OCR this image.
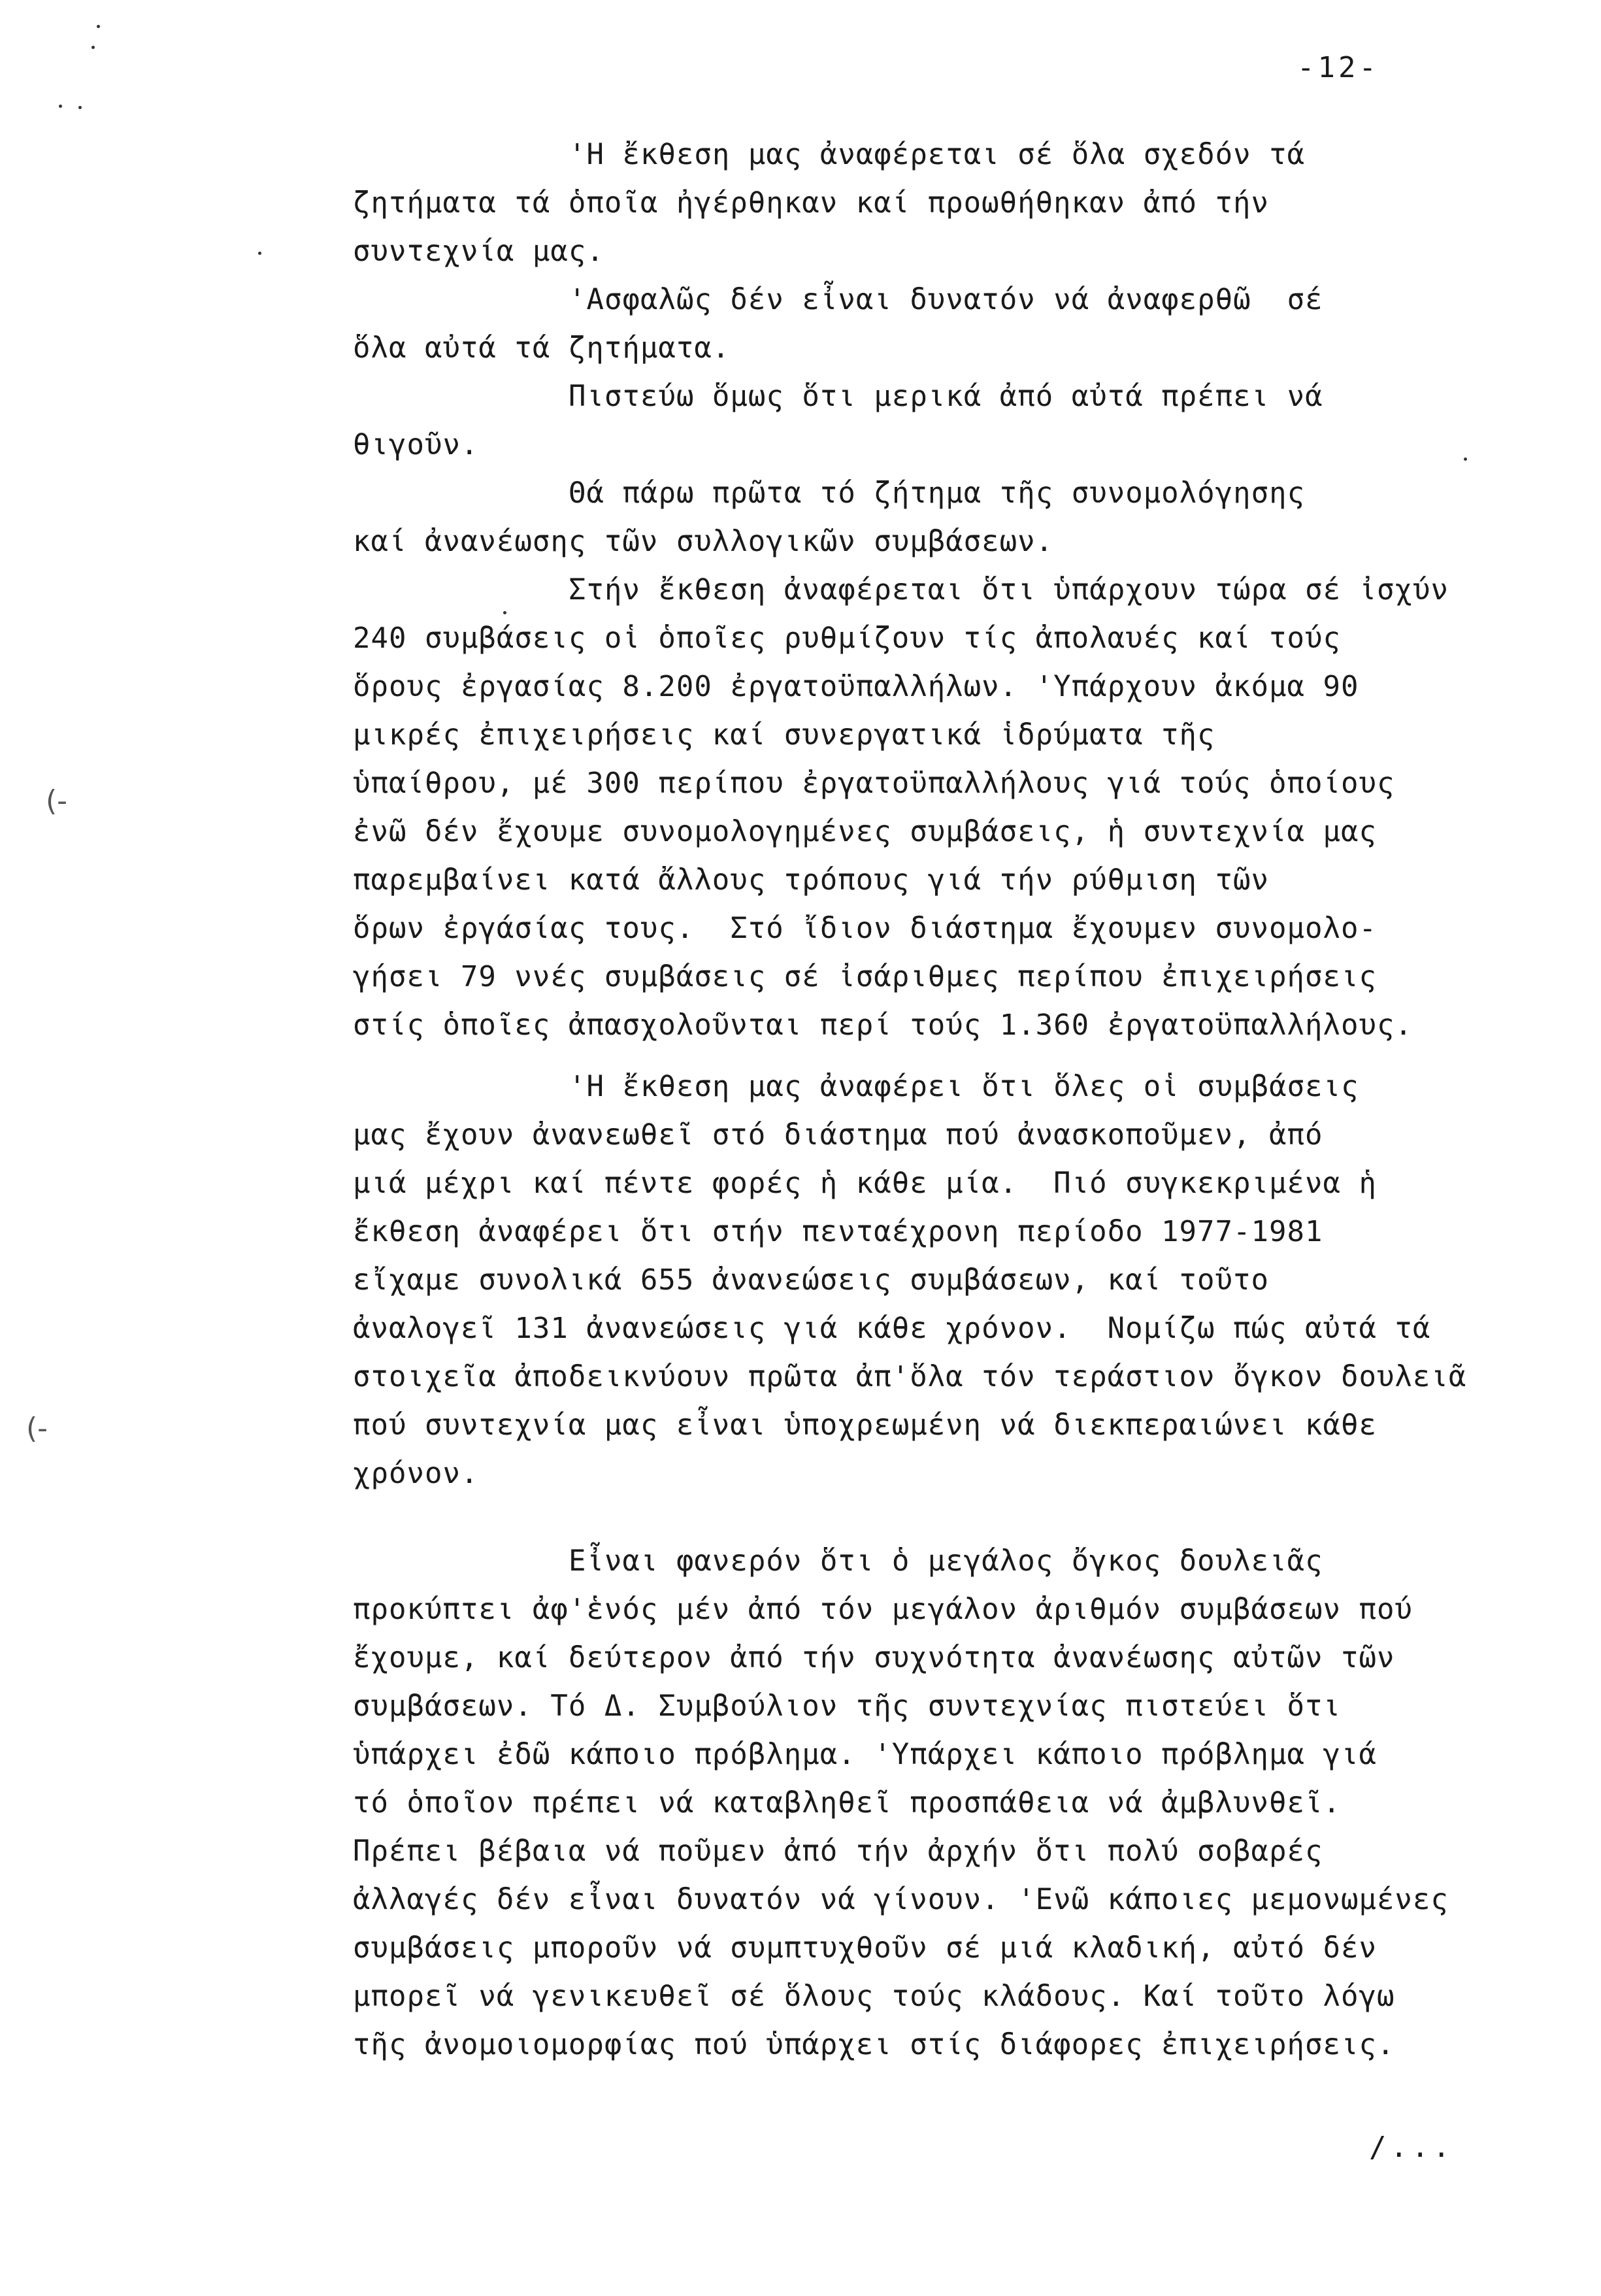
(-
(-
-12-
'Η ἔκθεση μας ἀναφέρεται σέ ὅλα σχεδόν τά
ζητήματα τά ὁποῖα ἠγέρθηκαν καί προωθήθηκαν ἀπό τήν
συντεχνία μας.
'Ασφαλῶς δέν εἶναι δυνατόν νά ἀναφερθῶ  σέ
ὅλα αὐτά τά ζητήματα.
Πιστεύω ὅμως ὅτι μερικά ἀπό αὐτά πρέπει νά
θιγοῦν.
Θά πάρω πρῶτα τό ζήτημα τῆς συνομολόγησης
καί ἀνανέωσης τῶν συλλογικῶν συμβάσεων.
Στήν ἔκθεση ἀναφέρεται ὅτι ὑπάρχουν τώρα σέ ἰσχύν
240 συμβάσεις οἱ ὁποῖες ρυθμίζουν τίς ἀπολαυές καί τούς
ὅρους ἐργασίας 8.200 ἐργατοϋπαλλήλων. 'Υπάρχουν ἀκόμα 90
μικρές ἐπιχειρήσεις καί συνεργατικά ἱδρύματα τῆς
ὑπαίθρου, μέ 300 περίπου ἐργατοϋπαλλήλους γιά τούς ὁποίους
ἐνῶ δέν ἔχουμε συνομολογημένες συμβάσεις, ἡ συντεχνία μας
παρεμβαίνει κατά ἄλλους τρόπους γιά τήν ρύθμιση τῶν
ὅρων ἐργάσίας τους.  Στό ἴδιον διάστημα ἔχουμεν συνομολο-
γήσει 79 ννές συμβάσεις σέ ἰσάριθμες περίπου ἐπιχειρήσεις
στίς ὁποῖες ἀπασχολοῦνται περί τούς 1.360 ἐργατοϋπαλλήλους.
'Η ἔκθεση μας ἀναφέρει ὅτι ὅλες οἱ συμβάσεις
μας ἔχουν ἀνανεωθεῖ στό διάστημα πού ἀνασκοποῦμεν, ἀπό
μιά μέχρι καί πέντε φορές ἡ κάθε μία.  Πιό συγκεκριμένα ἡ
ἔκθεση ἀναφέρει ὅτι στήν πενταέχρονη περίοδο 1977-1981
εἴχαμε συνολικά 655 ἀνανεώσεις συμβάσεων, καί τοῦτο
ἀναλογεῖ 131 ἀνανεώσεις γιά κάθε χρόνον.  Νομίζω πώς αὐτά τά
στοιχεῖα ἀποδεικνύουν πρῶτα ἀπ'ὅλα τόν τεράστιον ὄγκον δουλειᾶ
πού συντεχνία μας εἶναι ὑποχρεωμένη νά διεκπεραιώνει κάθε
χρόνον.
Εἶναι φανερόν ὅτι ὁ μεγάλος ὄγκος δουλειᾶς
προκύπτει ἀφ'ἑνός μέν ἀπό τόν μεγάλον ἀριθμόν συμβάσεων πού
ἔχουμε, καί δεύτερον ἀπό τήν συχνότητα ἀνανέωσης αὐτῶν τῶν
συμβάσεων. Τό Δ. Συμβούλιον τῆς συντεχνίας πιστεύει ὅτι
ὑπάρχει ἐδῶ κάποιο πρόβλημα. 'Υπάρχει κάποιο πρόβλημα γιά
τό ὁποῖον πρέπει νά καταβληθεῖ προσπάθεια νά ἀμβλυνθεῖ.
Πρέπει βέβαια νά ποῦμεν ἀπό τήν ἀρχήν ὅτι πολύ σοβαρές
ἀλλαγές δέν εἶναι δυνατόν νά γίνουν. 'Ενῶ κάποιες μεμονωμένες
συμβάσεις μποροῦν νά συμπτυχθοῦν σέ μιά κλαδική, αὐτό δέν
μπορεῖ νά γενικευθεῖ σέ ὅλους τούς κλάδους. Καί τοῦτο λόγω
τῆς ἀνομοιομορφίας πού ὑπάρχει στίς διάφορες ἐπιχειρήσεις.
/...
